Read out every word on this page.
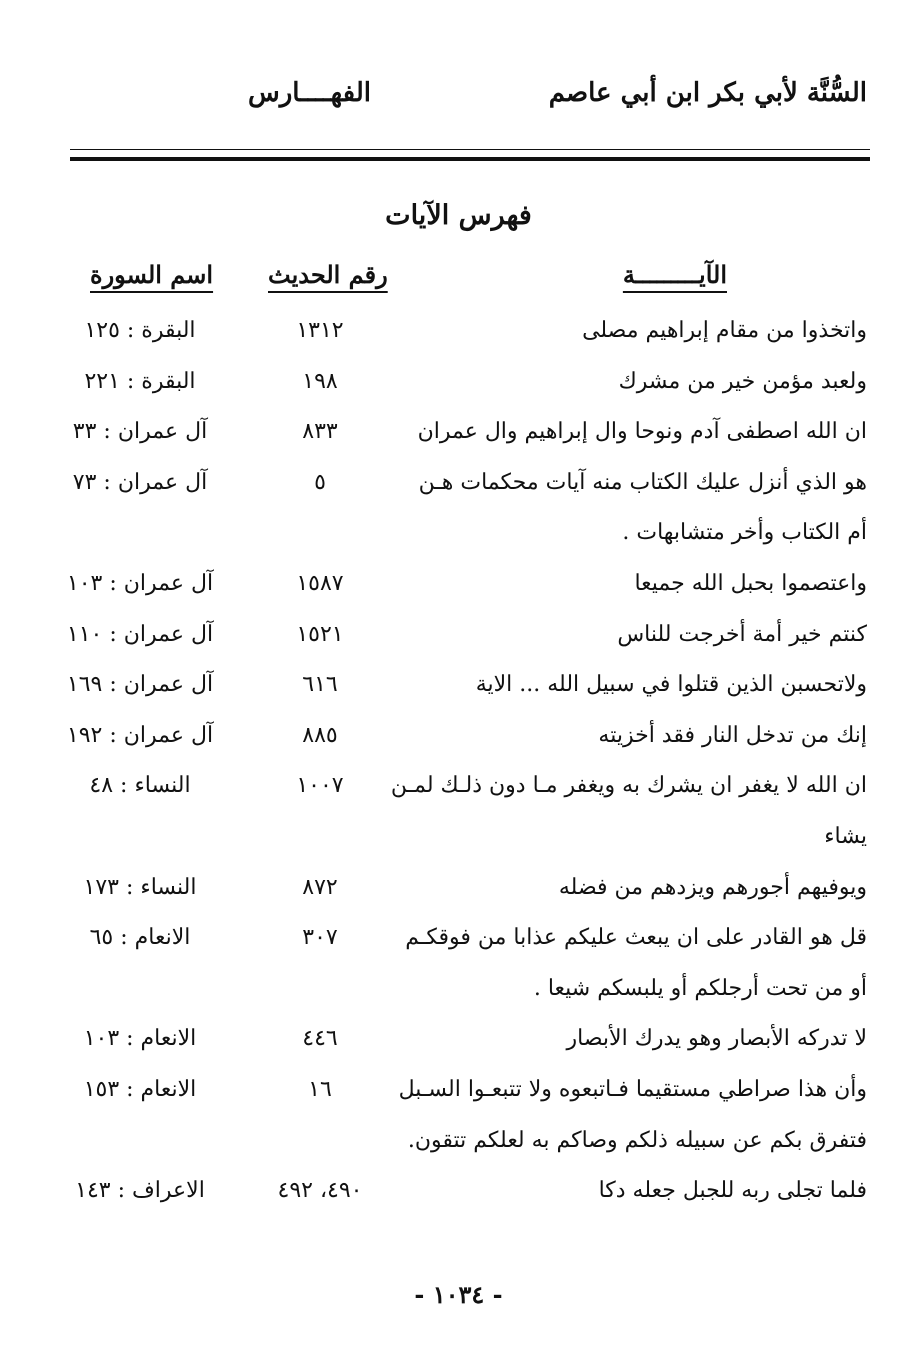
السُّنَّة لأبي بكر ابن أبي عاصم
الفهــــارس
فهرس الآيات
الآيـــــــــة
رقم الحديث
اسم السورة
واتخذوا من مقام إبراهيم مصلى
١٣١٢
البقرة : ١٢٥
ولعبد مؤمن خير من مشرك
١٩٨
البقرة : ٢٢١
ان الله اصطفى آدم ونوحا وال إبراهيم وال عمران
٨٣٣
آل عمران : ٣٣
هو الذي أنزل عليك الكتاب منه آيات محكمات هـن
٥
آل عمران : ٧٣
أم الكتاب وأخر متشابهات .
واعتصموا بحبل الله جميعا
١٥٨٧
آل عمران : ١٠٣
كنتم خير أمة أخرجت للناس
١٥٢١
آل عمران : ١١٠
ولاتحسبن الذين قتلوا في سبيل الله ... الاية
٦١٦
آل عمران : ١٦٩
إنك من تدخل النار فقد أخزيته
٨٨٥
آل عمران : ١٩٢
ان الله لا يغفر ان يشرك به ويغفر مـا دون ذلـك لمـن
١٠٠٧
النساء : ٤٨
يشاء
ويوفيهم أجورهم ويزدهم من فضله
٨٧٢
النساء : ١٧٣
قل هو القادر على ان يبعث عليكم عذابا من فوقكـم
٣٠٧
الانعام : ٦٥
أو من تحت أرجلكم أو يلبسكم شيعا .
لا تدركه الأبصار وهو يدرك الأبصار
٤٤٦
الانعام : ١٠٣
وأن هذا صراطي مستقيما فـاتبعوه ولا تتبعـوا السـبل
١٦
الانعام : ١٥٣
فتفرق بكم عن سبيله ذلكم وصاكم به لعلكم تتقون.
فلما تجلى ربه للجبل جعله دكا
٤٩٠، ٤٩٢
الاعراف : ١٤٣
- ١٠٣٤ -
